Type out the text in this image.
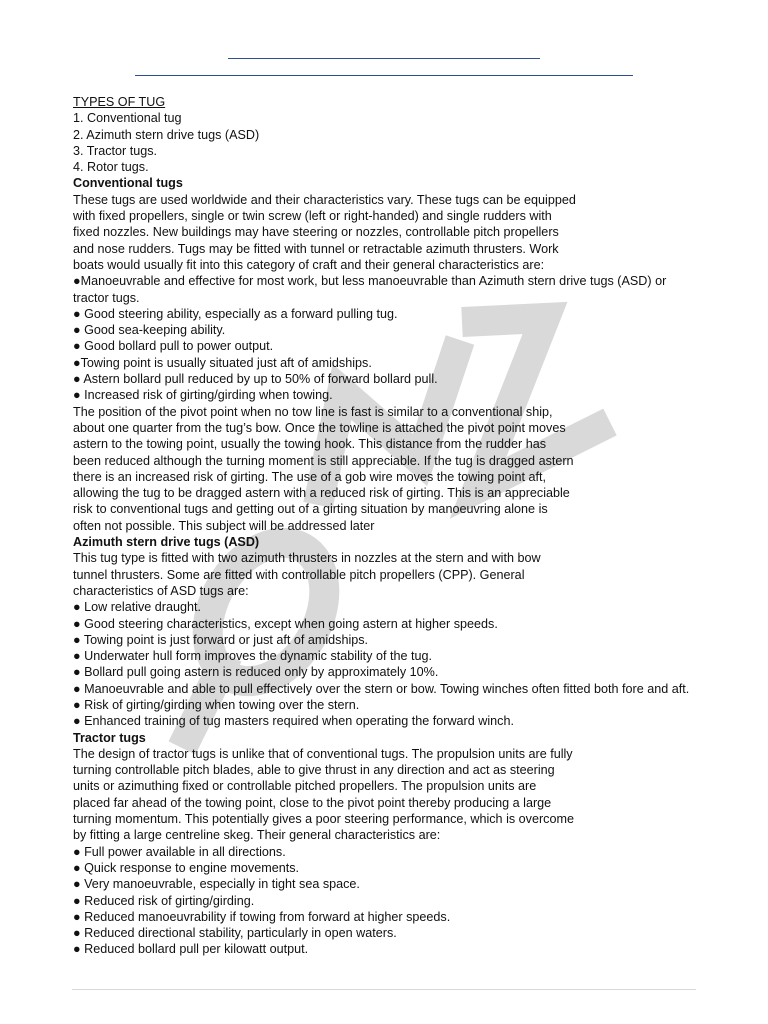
IOMZ

TYPES OF TUG

1. Conventional tug

2. Azimuth stern drive tugs (ASD)

3. Tractor tugs.

4. Rotor tugs.

Conventional tugs

These tugs are used worldwide and their characteristics vary. These tugs can be equipped

with fixed propellers, single or twin screw (left or right-handed) and single rudders with

fixed nozzles. New buildings may have steering or nozzles, controllable pitch propellers

and nose rudders. Tugs may be fitted with tunnel or retractable azimuth thrusters. Work

boats would usually fit into this category of craft and their general characteristics are:

●Manoeuvrable and effective for most work, but less manoeuvrable than Azimuth stern drive tugs (ASD) or tractor tugs.

● Good steering ability, especially as a forward pulling tug.

● Good sea-keeping ability.

● Good bollard pull to power output.

●Towing point is usually situated just aft of amidships.

● Astern bollard pull reduced by up to 50% of forward bollard pull.

● Increased risk of girting/girding when towing.

The position of the pivot point when no tow line is fast is similar to a conventional ship,

about one quarter from the tug’s bow. Once the towline is attached the pivot point moves

astern to the towing point, usually the towing hook. This distance from the rudder has

been reduced although the turning moment is still appreciable. If the tug is dragged astern

there is an increased risk of girting. The use of a gob wire moves the towing point aft,

allowing the tug to be dragged astern with a reduced risk of girting. This is an appreciable

risk to conventional tugs and getting out of a girting situation by manoeuvring alone is

often not possible. This subject will be addressed later

Azimuth stern drive tugs (ASD)

This tug type is fitted with two azimuth thrusters in nozzles at the stern and with bow

tunnel thrusters. Some are fitted with controllable pitch propellers (CPP). General

characteristics of ASD tugs are:

● Low relative draught.

● Good steering characteristics, except when going astern at higher speeds.

● Towing point is just forward or just aft of amidships.

● Underwater hull form improves the dynamic stability of the tug.

● Bollard pull going astern is reduced only by approximately 10%.

● Manoeuvrable and able to pull effectively over the stern or bow. Towing winches often fitted both fore and aft.

● Risk of girting/girding when towing over the stern.

● Enhanced training of tug masters required when operating the forward winch.

Tractor tugs

The design of tractor tugs is unlike that of conventional tugs. The propulsion units are fully

turning controllable pitch blades, able to give thrust in any direction and act as steering

units or azimuthing fixed or controllable pitched propellers. The propulsion units are

placed far ahead of the towing point, close to the pivot point thereby producing a large

turning momentum. This potentially gives a poor steering performance, which is overcome

by fitting a large centreline skeg. Their general characteristics are:

● Full power available in all directions.

● Quick response to engine movements.

● Very manoeuvrable, especially in tight sea space.

● Reduced risk of girting/girding.

● Reduced manoeuvrability if towing from forward at higher speeds.

● Reduced directional stability, particularly in open waters.

● Reduced bollard pull per kilowatt output.
